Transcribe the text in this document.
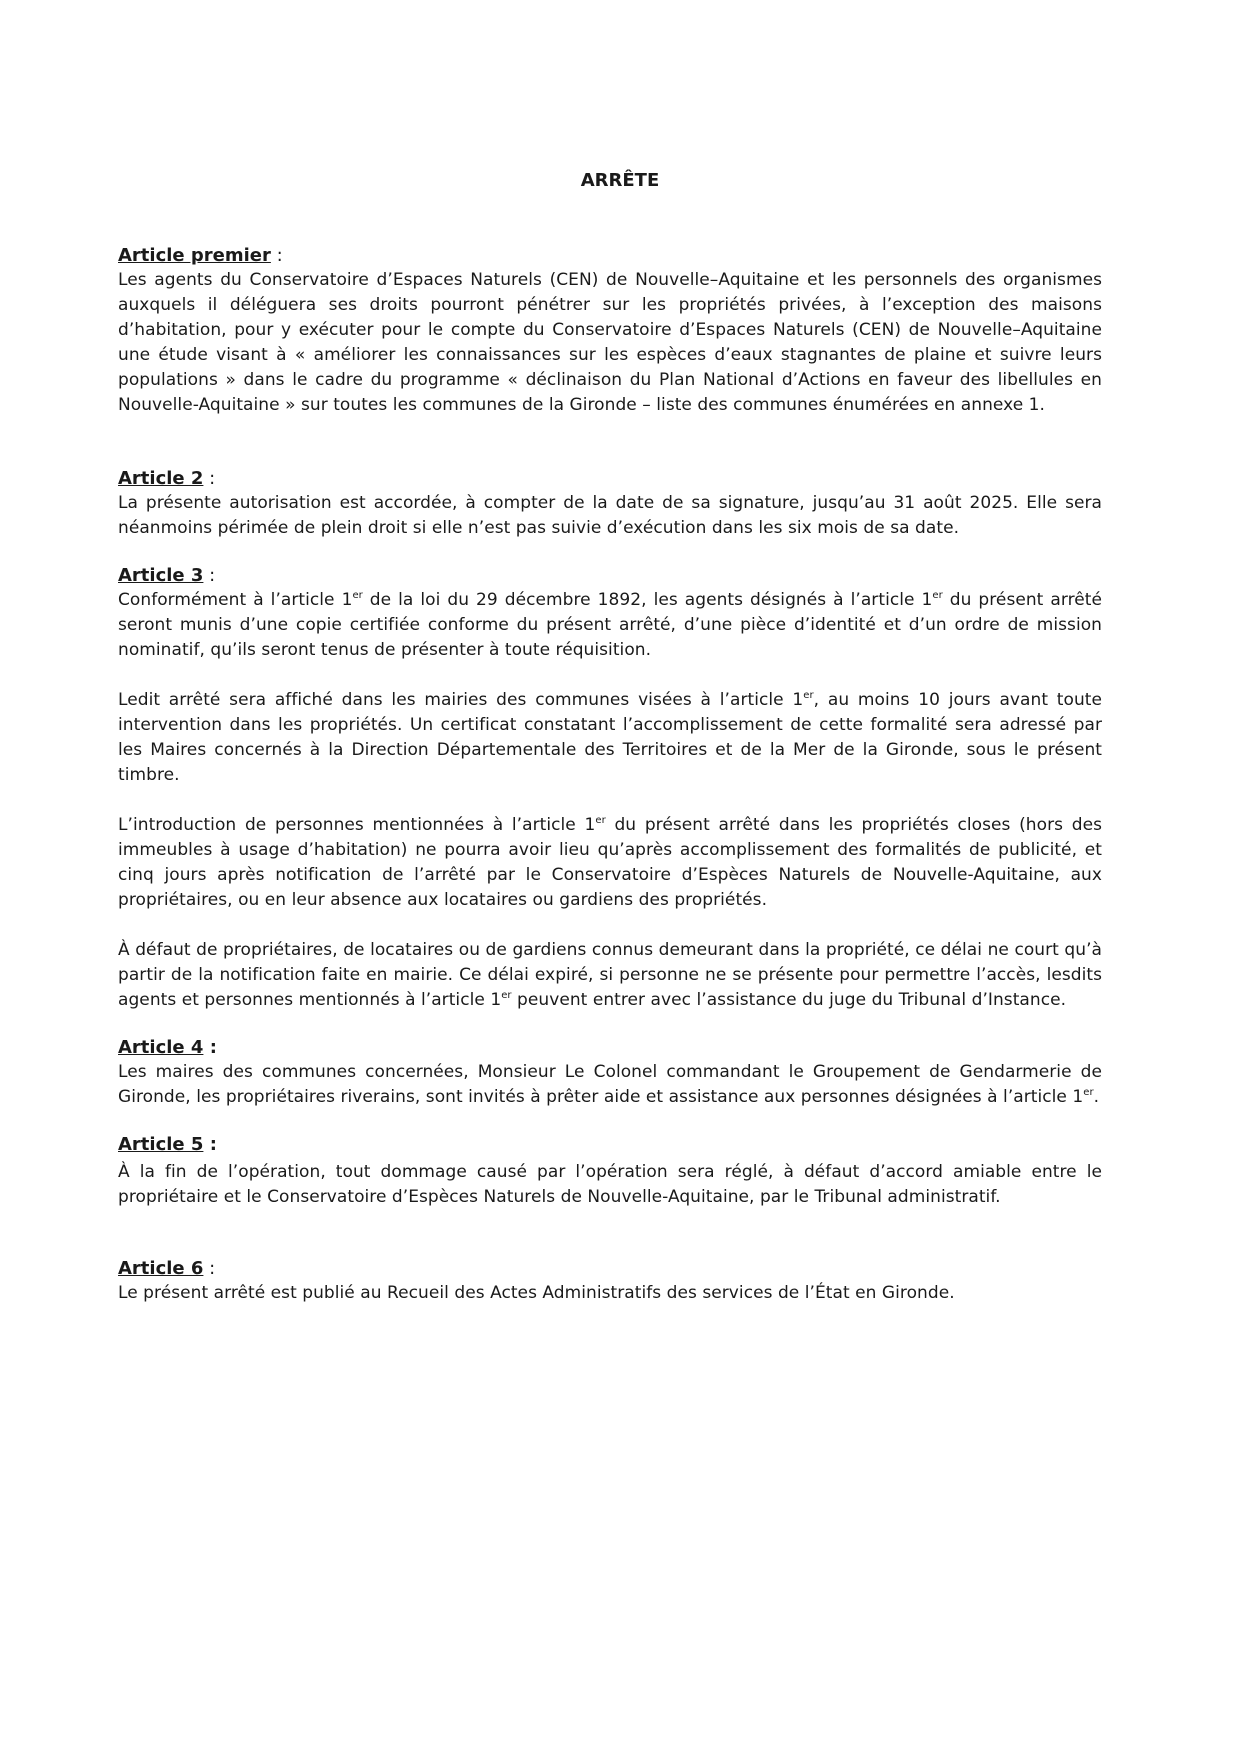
ARRÊTE
Article premier :

Les agents du Conservatoire d’Espaces Naturels (CEN) de Nouvelle–Aquitaine et les personnels des organismes auxquels il déléguera ses droits pourront pénétrer sur les propriétés privées, à l’exception des maisons d’habitation, pour y exécuter pour le compte du Conservatoire d’Espaces Naturels (CEN) de Nouvelle–Aquitaine une étude visant à « améliorer les connaissances sur les espèces d’eaux stagnantes de plaine et suivre leurs populations » dans le cadre du programme « déclinaison du Plan National d’Actions en faveur des libellules en Nouvelle-Aquitaine » sur toutes les communes de la Gironde – liste des communes énumérées en annexe 1.

Article 2 :

La présente autorisation est accordée, à compter de la date de sa signature, jusqu’au 31 août 2025. Elle sera néanmoins périmée de plein droit si elle n’est pas suivie d’exécution dans les six mois de sa date.

Article 3 :

Conformément à l’article 1er de la loi du 29 décembre 1892, les agents désignés à l’article 1er du présent arrêté seront munis d’une copie certifiée conforme du présent arrêté, d’une pièce d’identité et d’un ordre de mission nominatif, qu’ils seront tenus de présenter à toute réquisition.

Ledit arrêté sera affiché dans les mairies des communes visées à l’article 1er, au moins 10 jours avant toute intervention dans les propriétés. Un certificat constatant l’accomplissement de cette formalité sera adressé par les Maires concernés à la Direction Départementale des Territoires et de la Mer de la Gironde, sous le présent timbre.

L’introduction de personnes mentionnées à l’article 1er du présent arrêté dans les propriétés closes (hors des immeubles à usage d’habitation) ne pourra avoir lieu qu’après accomplissement des formalités de publicité, et cinq jours après notification de l’arrêté par le Conservatoire d’Espèces Naturels de Nouvelle-Aquitaine, aux propriétaires, ou en leur absence aux locataires ou gardiens des propriétés.

À défaut de propriétaires, de locataires ou de gardiens connus demeurant dans la propriété, ce délai ne court qu’à partir de la notification faite en mairie. Ce délai expiré, si personne ne se présente pour permettre l’accès, lesdits agents et personnes mentionnés à l’article 1er peuvent entrer avec l’assistance du juge du Tribunal d’Instance.

Article 4 :

Les maires des communes concernées, Monsieur Le Colonel commandant le Groupement de Gendarmerie de Gironde, les propriétaires riverains, sont invités à prêter aide et assistance aux personnes désignées à l’article 1er.

Article 5 :

À la fin de l’opération, tout dommage causé par l’opération sera réglé, à défaut d’accord amiable entre le propriétaire et le Conservatoire d’Espèces Naturels de Nouvelle-Aquitaine, par le Tribunal administratif.

Article 6 :

Le présent arrêté est publié au Recueil des Actes Administratifs des services de l’État en Gironde.
